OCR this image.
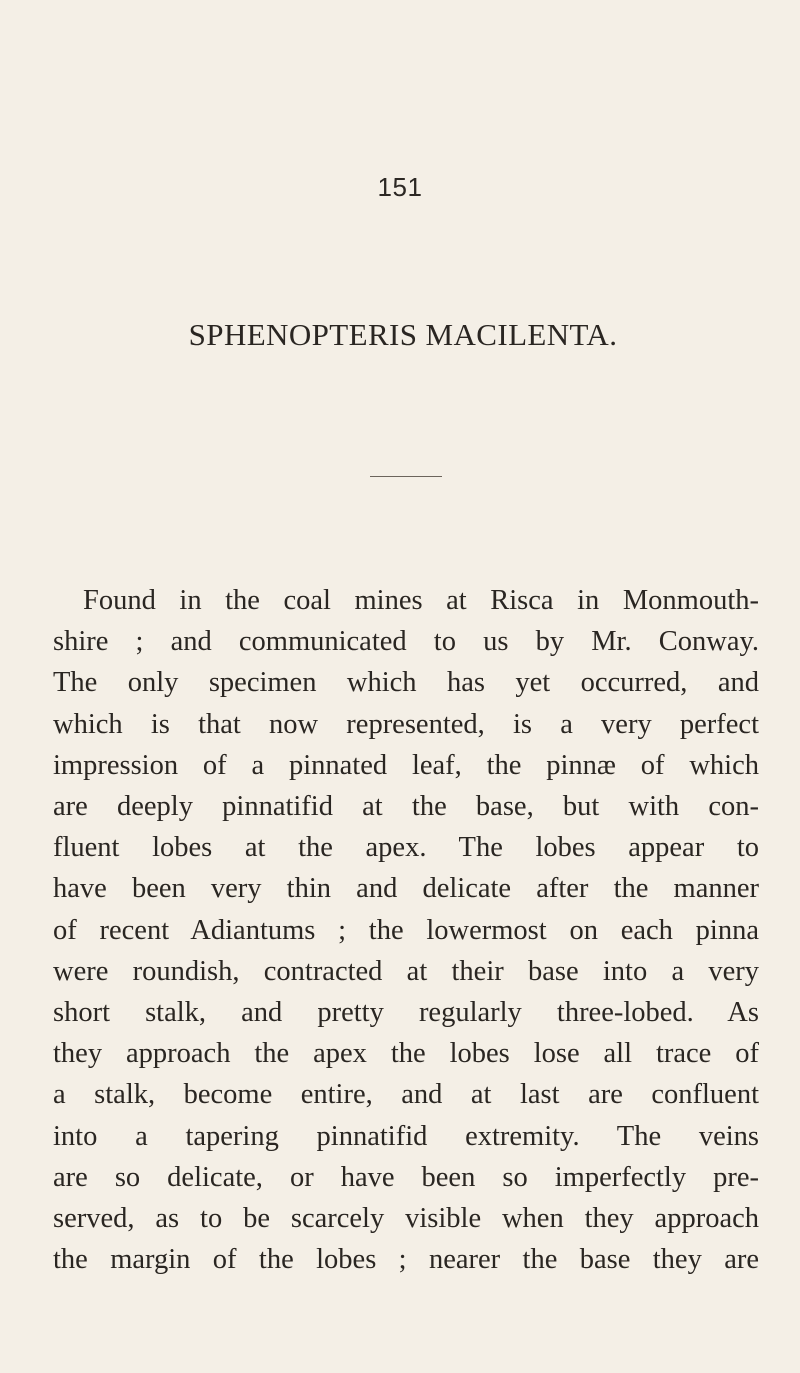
151
SPHENOPTERIS MACILENTA.
Found in the coal mines at Risca in Monmouth-
shire ; and communicated to us by Mr. Conway.
The only specimen which has yet occurred, and
which is that now represented, is a very perfect
impression of a pinnated leaf, the pinnæ of which
are deeply pinnatifid at the base, but with con-
fluent lobes at the apex. The lobes appear to
have been very thin and delicate after the manner
of recent Adiantums ; the lowermost on each pinna
were roundish, contracted at their base into a very
short stalk, and pretty regularly three-lobed. As
they approach the apex the lobes lose all trace of
a stalk, become entire, and at last are confluent
into a tapering pinnatifid extremity. The veins
are so delicate, or have been so imperfectly pre-
served, as to be scarcely visible when they approach
the margin of the lobes ; nearer the base they are
